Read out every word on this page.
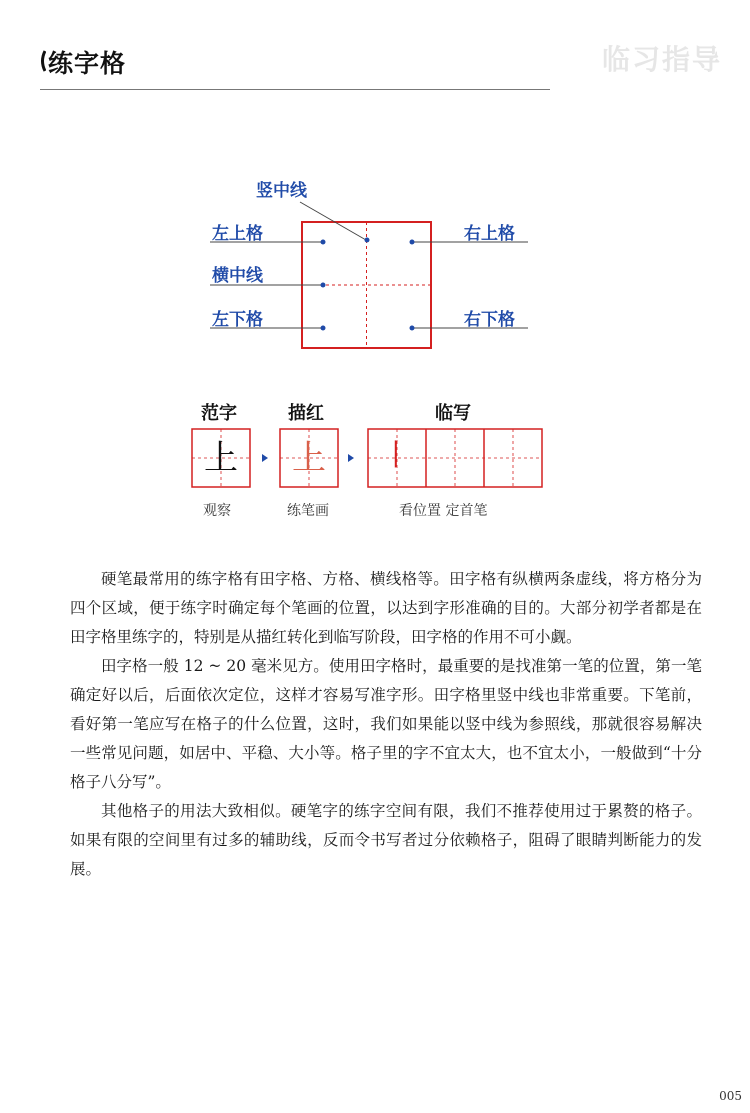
练字格	临习指导
竖中线
左上格	右上格
横中线
左下格	右下格
范字	描红	临写
上 上 丨
观察	练笔画	看位置 定首笔

硬笔最常用的练字格有田字格、方格、横线格等。田字格有纵横两条虚线，将方格分为四个区域，便于练字时确定每个笔画的位置，以达到字形准确的目的。大部分初学者都是在田字格里练字的，特别是从描红转化到临写阶段，田字格的作用不可小觑。

田字格一般 12 ~ 20 毫米见方。使用田字格时，最重要的是找准第一笔的位置，第一笔确定好以后，后面依次定位，这样才容易写准字形。田字格里竖中线也非常重要。下笔前，看好第一笔应写在格子的什么位置，这时，我们如果能以竖中线为参照线，那就很容易解决一些常见问题，如居中、平稳、大小等。格子里的字不宜太大，也不宜太小，一般做到“十分格子八分写”。

其他格子的用法大致相似。硬笔字的练字空间有限，我们不推荐使用过于累赘的格子。如果有限的空间里有过多的辅助线，反而令书写者过分依赖格子，阻碍了眼睛判断能力的发展。

005
